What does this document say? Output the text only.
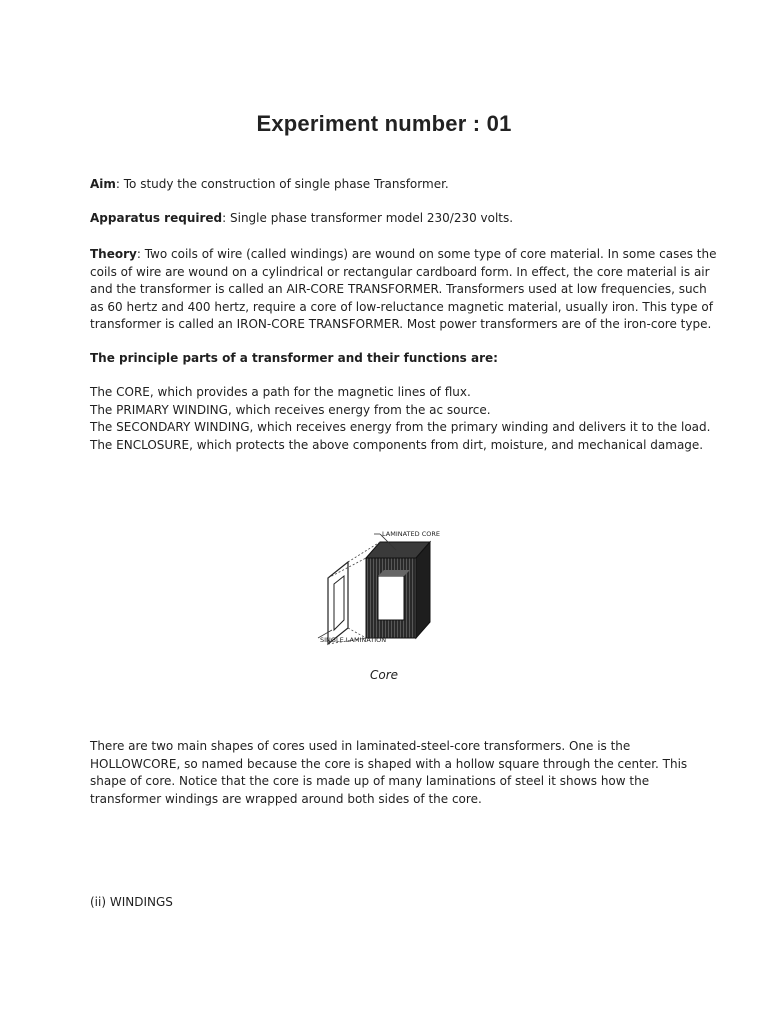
Experiment number : 01
Aim: To study the construction of single phase Transformer.
Apparatus required: Single phase transformer model 230/230 volts.
Theory: Two coils of wire (called windings) are wound on some type of core material. In some cases the
coils of wire are wound on a cylindrical or rectangular cardboard form. In effect, the core material is air
and the transformer is called an AIR-CORE TRANSFORMER. Transformers used at low frequencies, such
as 60 hertz and 400 hertz, require a core of low-reluctance magnetic material, usually iron. This type of
transformer is called an IRON-CORE TRANSFORMER. Most power transformers are of the iron-core type.
The principle parts of a transformer and their functions are:
The CORE, which provides a path for the magnetic lines of flux.
The PRIMARY WINDING, which receives energy from the ac source.
The SECONDARY WINDING, which receives energy from the primary winding and delivers it to the load.
The ENCLOSURE, which protects the above components from dirt, moisture, and mechanical damage.
LAMINATED CORE
SINGLE LAMINATION
Core
There are two main shapes of cores used in laminated-steel-core transformers. One is the
HOLLOWCORE, so named because the core is shaped with a hollow square through the center. This
shape of core. Notice that the core is made up of many laminations of steel it shows how the
transformer windings are wrapped around both sides of the core.
(ii) WINDINGS
